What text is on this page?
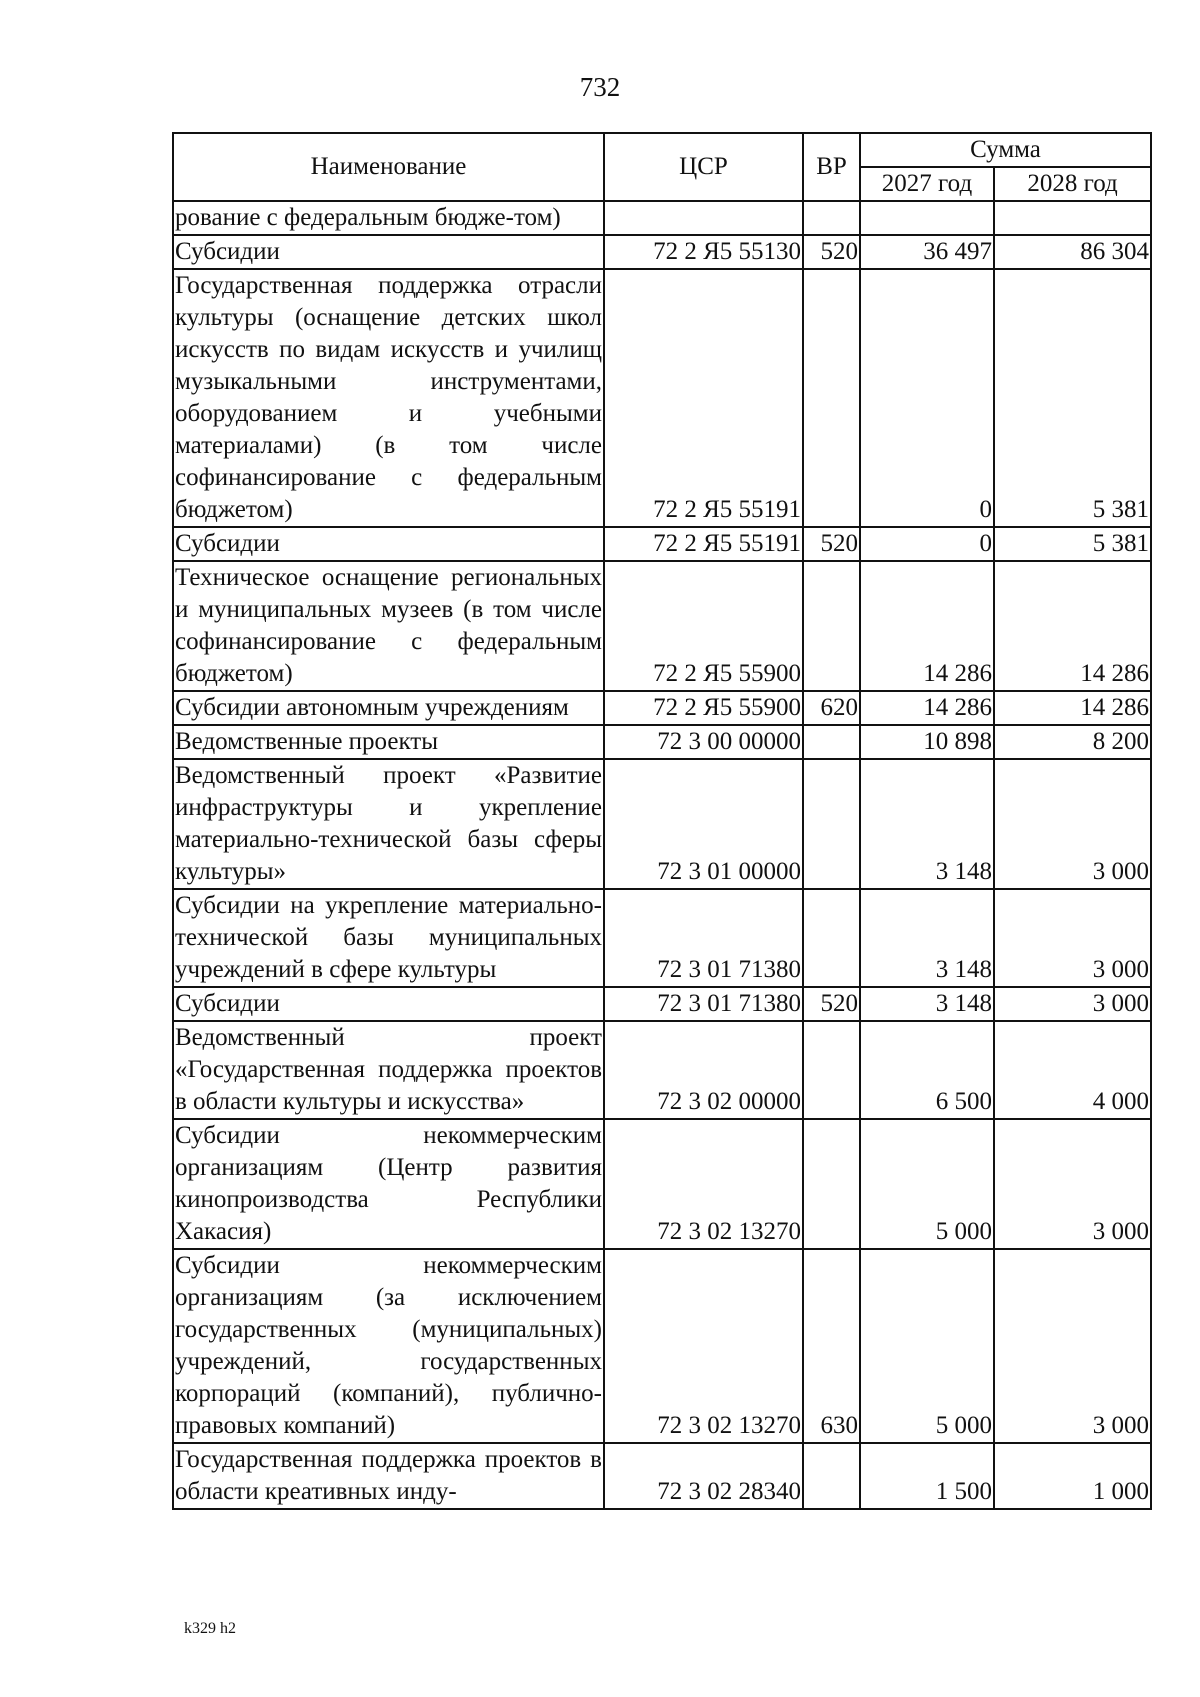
732
Наименование	ЦСР	ВР	Сумма	
			2027 год	2028 год
рование с федеральным бюдже-том)				
Субсидии	72 2 Я5 55130	520	36 497	86 304
Государственная поддержка отрасли культуры (оснащение детских школ искусств по видам искусств и училищ музыкальными инструментами, оборудованием и учебными материалами) (в том числе софинансирование с федеральным бюджетом)	72 2 Я5 55191		0	5 381
Субсидии	72 2 Я5 55191	520	0	5 381
Техническое оснащение региональных и муниципальных музеев (в том числе софинансирование с федеральным бюджетом)	72 2 Я5 55900		14 286	14 286
Субсидии автономным учреждениям	72 2 Я5 55900	620	14 286	14 286
Ведомственные проекты	72 3 00 00000		10 898	8 200
Ведомственный проект «Развитие инфраструктуры и укрепление материально-технической базы сферы культуры»	72 3 01 00000		3 148	3 000
Субсидии на укрепление материально-технической базы муниципальных учреждений в сфере культуры	72 3 01 71380		3 148	3 000
Субсидии	72 3 01 71380	520	3 148	3 000
Ведомственный проект «Государственная поддержка проектов в области культуры и искусства»	72 3 02 00000		6 500	4 000
Субсидии некоммерческим организациям (Центр развития кинопроизводства Республики Хакасия)	72 3 02 13270		5 000	3 000
Субсидии некоммерческим организациям (за исключением государственных (муниципальных) учреждений, государственных корпораций (компаний), публично-правовых компаний)	72 3 02 13270	630	5 000	3 000
Государственная поддержка проектов в области креативных инду-	72 3 02 28340		1 500	1 000
k329 h2
